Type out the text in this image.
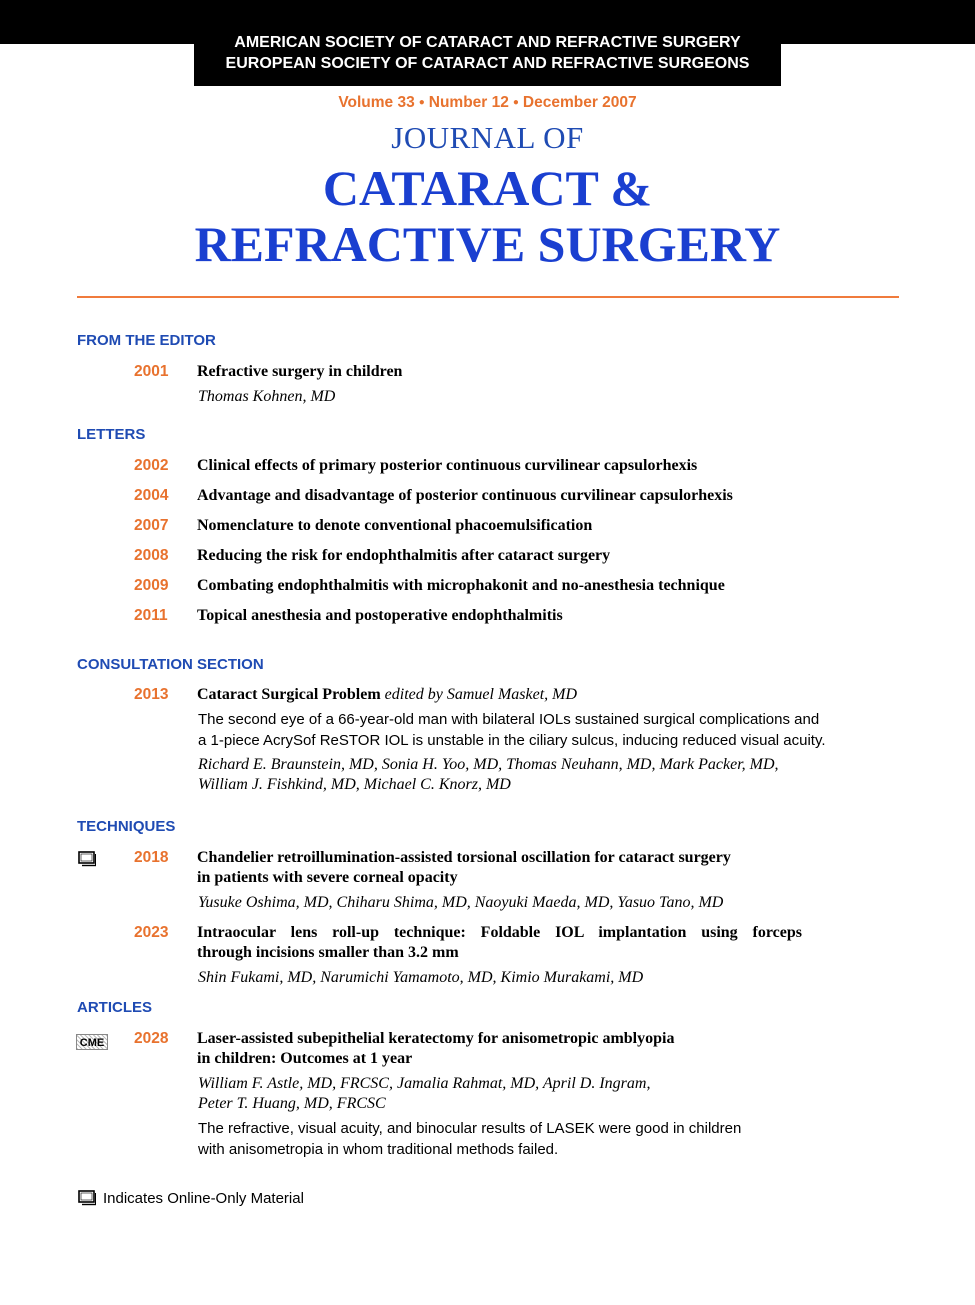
AMERICAN SOCIETY OF CATARACT AND REFRACTIVE SURGERY
EUROPEAN SOCIETY OF CATARACT AND REFRACTIVE SURGEONS
Volume 33 ● Number 12 ● December 2007
JOURNAL OF
CATARACT &
REFRACTIVE SURGERY
FROM THE EDITOR
2001	Refractive surgery in children
Thomas Kohnen, MD
LETTERS
2002	Clinical effects of primary posterior continuous curvilinear capsulorhexis
2004	Advantage and disadvantage of posterior continuous curvilinear capsulorhexis
2007	Nomenclature to denote conventional phacoemulsification
2008	Reducing the risk for endophthalmitis after cataract surgery
2009	Combating endophthalmitis with microphakonit and no-anesthesia technique
2011	Topical anesthesia and postoperative endophthalmitis
CONSULTATION SECTION
2013	Cataract Surgical Problem edited by Samuel Masket, MD
The second eye of a 66-year-old man with bilateral IOLs sustained surgical complications and
a 1-piece AcrySof ReSTOR IOL is unstable in the ciliary sulcus, inducing reduced visual acuity.
Richard E. Braunstein, MD, Sonia H. Yoo, MD, Thomas Neuhann, MD, Mark Packer, MD,
William J. Fishkind, MD, Michael C. Knorz, MD
TECHNIQUES
2018	Chandelier retroillumination-assisted torsional oscillation for cataract surgery
in patients with severe corneal opacity
Yusuke Oshima, MD, Chiharu Shima, MD, Naoyuki Maeda, MD, Yasuo Tano, MD
2023	Intraocular lens roll-up technique: Foldable IOL implantation using forceps
through incisions smaller than 3.2 mm
Shin Fukami, MD, Narumichi Yamamoto, MD, Kimio Murakami, MD
ARTICLES
CME 2028	Laser-assisted subepithelial keratectomy for anisometropic amblyopia
in children: Outcomes at 1 year
William F. Astle, MD, FRCSC, Jamalia Rahmat, MD, April D. Ingram,
Peter T. Huang, MD, FRCSC
The refractive, visual acuity, and binocular results of LASEK were good in children
with anisometropia in whom traditional methods failed.
Indicates Online-Only Material
